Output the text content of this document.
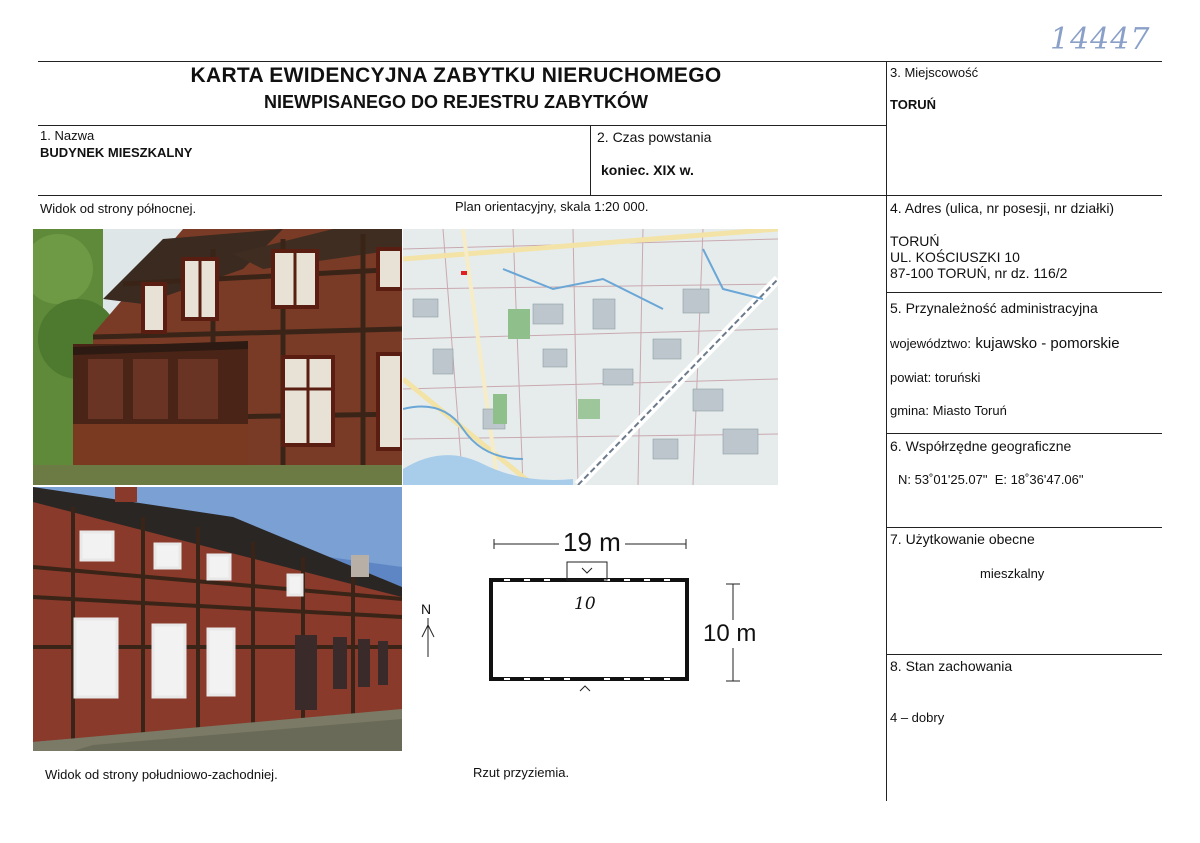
14447
KARTA EWIDENCYJNA ZABYTKU NIERUCHOMEGO
NIEWPISANEGO DO REJESTRU ZABYTKÓW
1. Nazwa
BUDYNEK MIESZKALNY
2. Czas powstania
koniec. XIX w.
3. Miejscowość
TORUŃ
4. Adres (ulica, nr posesji, nr działki)
TORUŃ
UL. KOŚCIUSZKI 10
87-100 TORUŃ, nr dz. 116/2
5. Przynależność administracyjna
województwo: kujawsko - pomorskie
powiat: toruński
gmina: Miasto Toruń
6. Współrzędne geograficzne
N: 53˚01'25.07" E: 18˚36'47.06"
7. Użytkowanie obecne
mieszkalny
8. Stan zachowania
4 – dobry
Widok od strony północnej.	Plan orientacyjny, skala 1:20 000.
Widok od strony południowo-zachodniej.	Rzut przyziemia.
19 m
10 m
10
N
